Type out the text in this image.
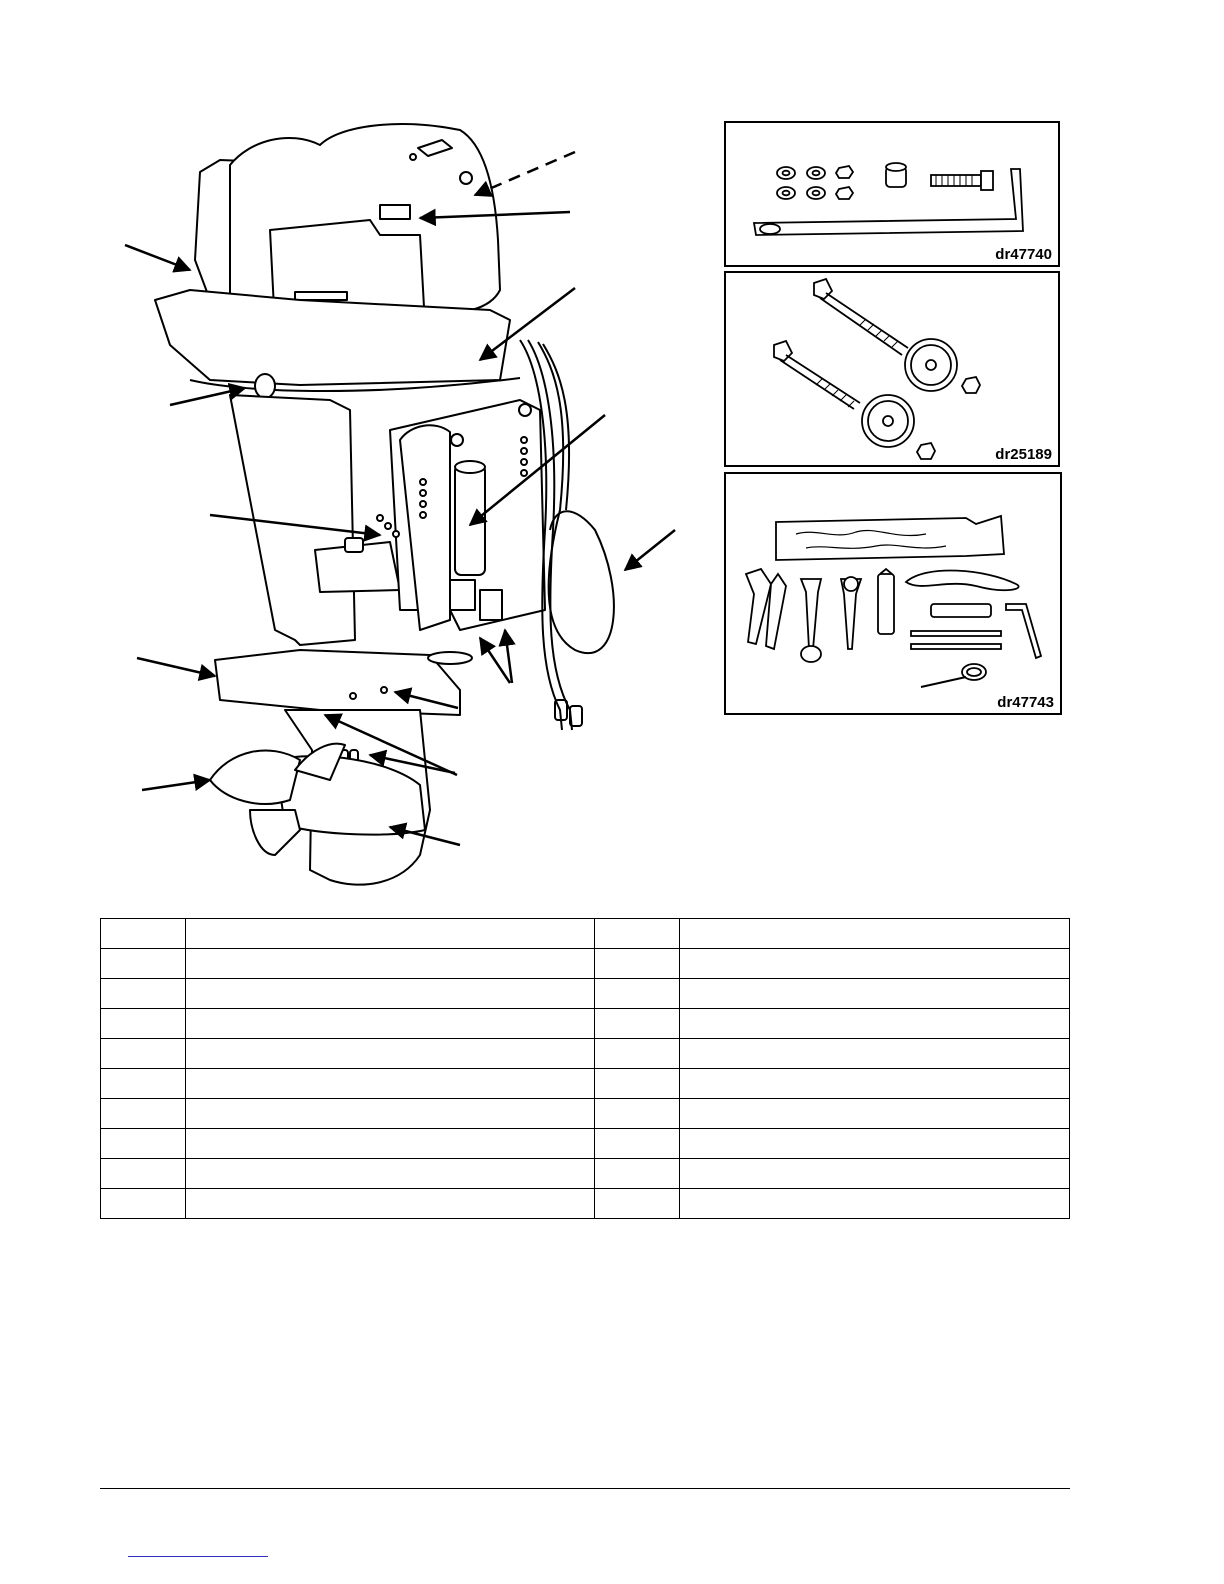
dr47740
dr25189
dr47743
